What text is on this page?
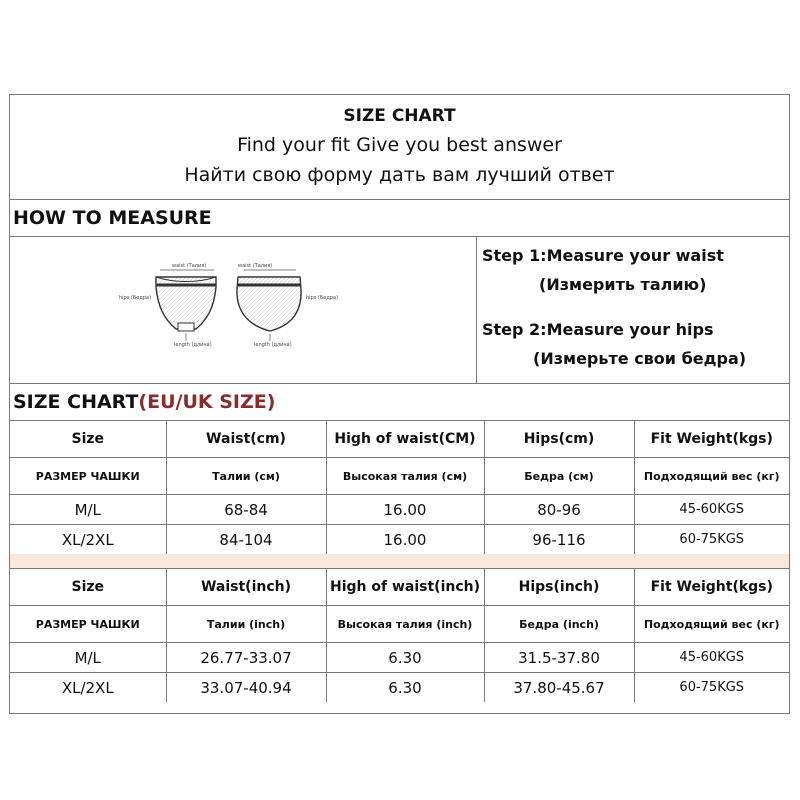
SIZE CHART
Find your fit Give you best answer
Найти свою форму дать вам лучший ответ
HOW TO MEASURE
waist (Талия)	waist (Талия)
hips (Бедра)	hips (Бедра)
length (длина)	length (длина)
Step 1:Measure your waist
(Измерить талию)
Step 2:Measure your hips
(Измерьте свои бедра)
SIZE CHART(EU/UK SIZE)
Size	Waist(cm)	High of waist(CM)	Hips(cm)	Fit Weight(kgs)
РАЗМЕР ЧАШКИ	Талии (см)	Высокая талия (см)	Бедра (см)	Подходящий вес (кг)
M/L	68-84	16.00	80-96	45-60KGS
XL/2XL	84-104	16.00	96-116	60-75KGS
Size	Waist(inch)	High of waist(inch)	Hips(inch)	Fit Weight(kgs)
РАЗМЕР ЧАШКИ	Талии (inch)	Высокая талия (inch)	Бедра (inch)	Подходящий вес (кг)
M/L	26.77-33.07	6.30	31.5-37.80	45-60KGS
XL/2XL	33.07-40.94	6.30	37.80-45.67	60-75KGS
